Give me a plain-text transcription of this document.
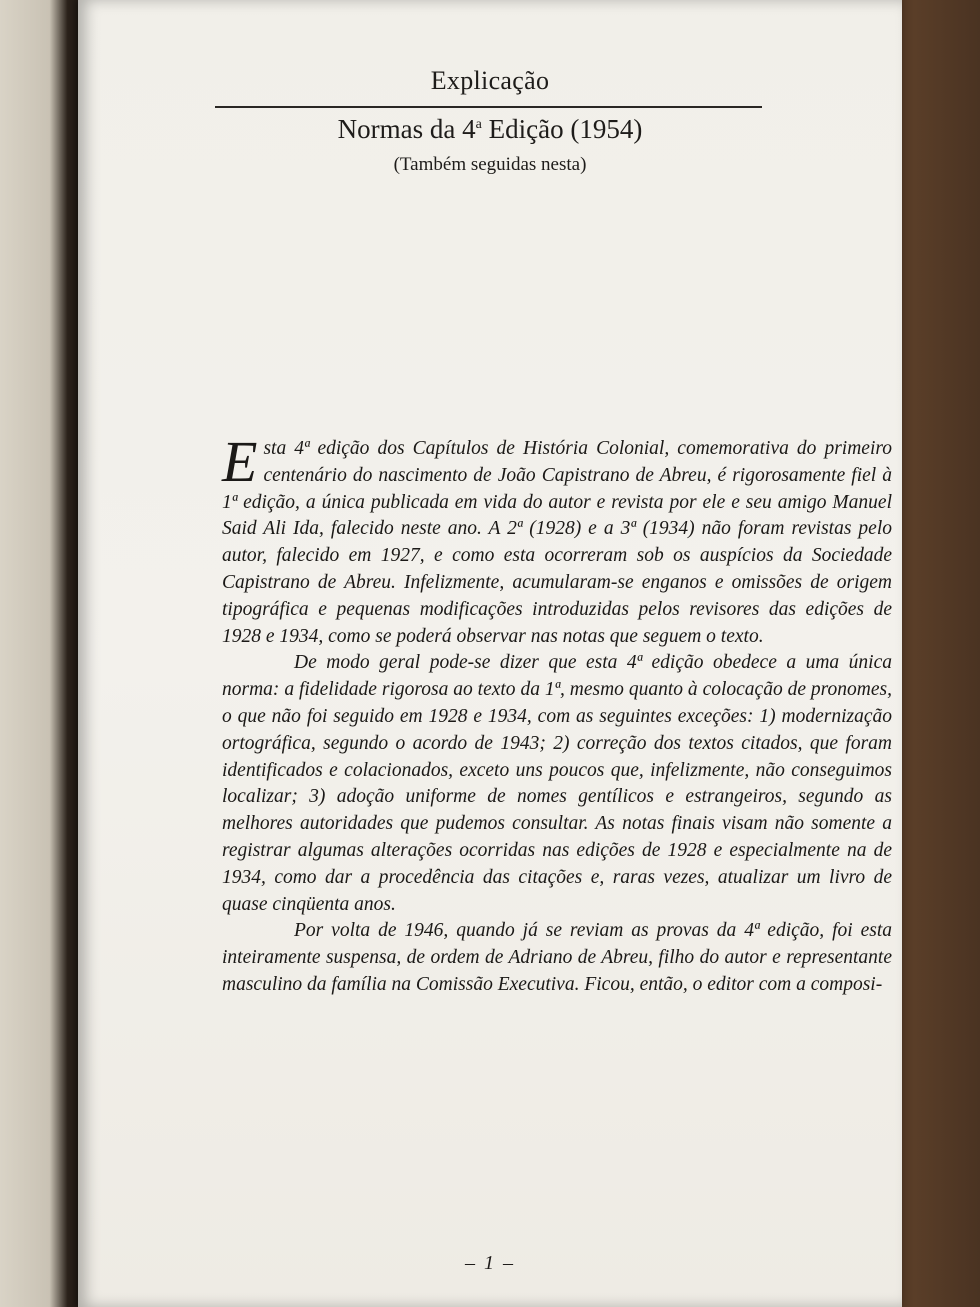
Explicação
Normas da 4$^a$ Edição (1954)
(Também seguidas nesta)

Esta 4ª edição dos Capítulos de História Colonial, comemorativa do primeiro centenário do nascimento de João Capistrano de Abreu, é rigorosamente fiel à 1ª edição, a única publicada em vida do autor e revista por ele e seu amigo Manuel Said Ali Ida, falecido neste ano. A 2ª (1928) e a 3ª (1934) não foram revistas pelo autor, falecido em 1927, e como esta ocorreram sob os auspícios da Sociedade Capistrano de Abreu. Infelizmente, acumularam-se enganos e omissões de origem tipográfica e pequenas modificações introduzidas pelos revisores das edições de 1928 e 1934, como se poderá observar nas notas que seguem o texto.

De modo geral pode-se dizer que esta 4ª edição obedece a uma única norma: a fidelidade rigorosa ao texto da 1ª, mesmo quanto à colocação de pronomes, o que não foi seguido em 1928 e 1934, com as seguintes exceções: 1) modernização ortográfica, segundo o acordo de 1943; 2) correção dos textos citados, que foram identificados e colacionados, exceto uns poucos que, infelizmente, não conseguimos localizar; 3) adoção uniforme de nomes gentílicos e estrangeiros, segundo as melhores autoridades que pudemos consultar. As notas finais visam não somente a registrar algumas alterações ocorridas nas edições de 1928 e especialmente na de 1934, como dar a procedência das citações e, raras vezes, atualizar um livro de quase cinqüenta anos.

Por volta de 1946, quando já se reviam as provas da 4ª edição, foi esta inteiramente suspensa, de ordem de Adriano de Abreu, filho do autor e representante masculino da família na Comissão Executiva. Ficou, então, o editor com a composi-

– 1 –
